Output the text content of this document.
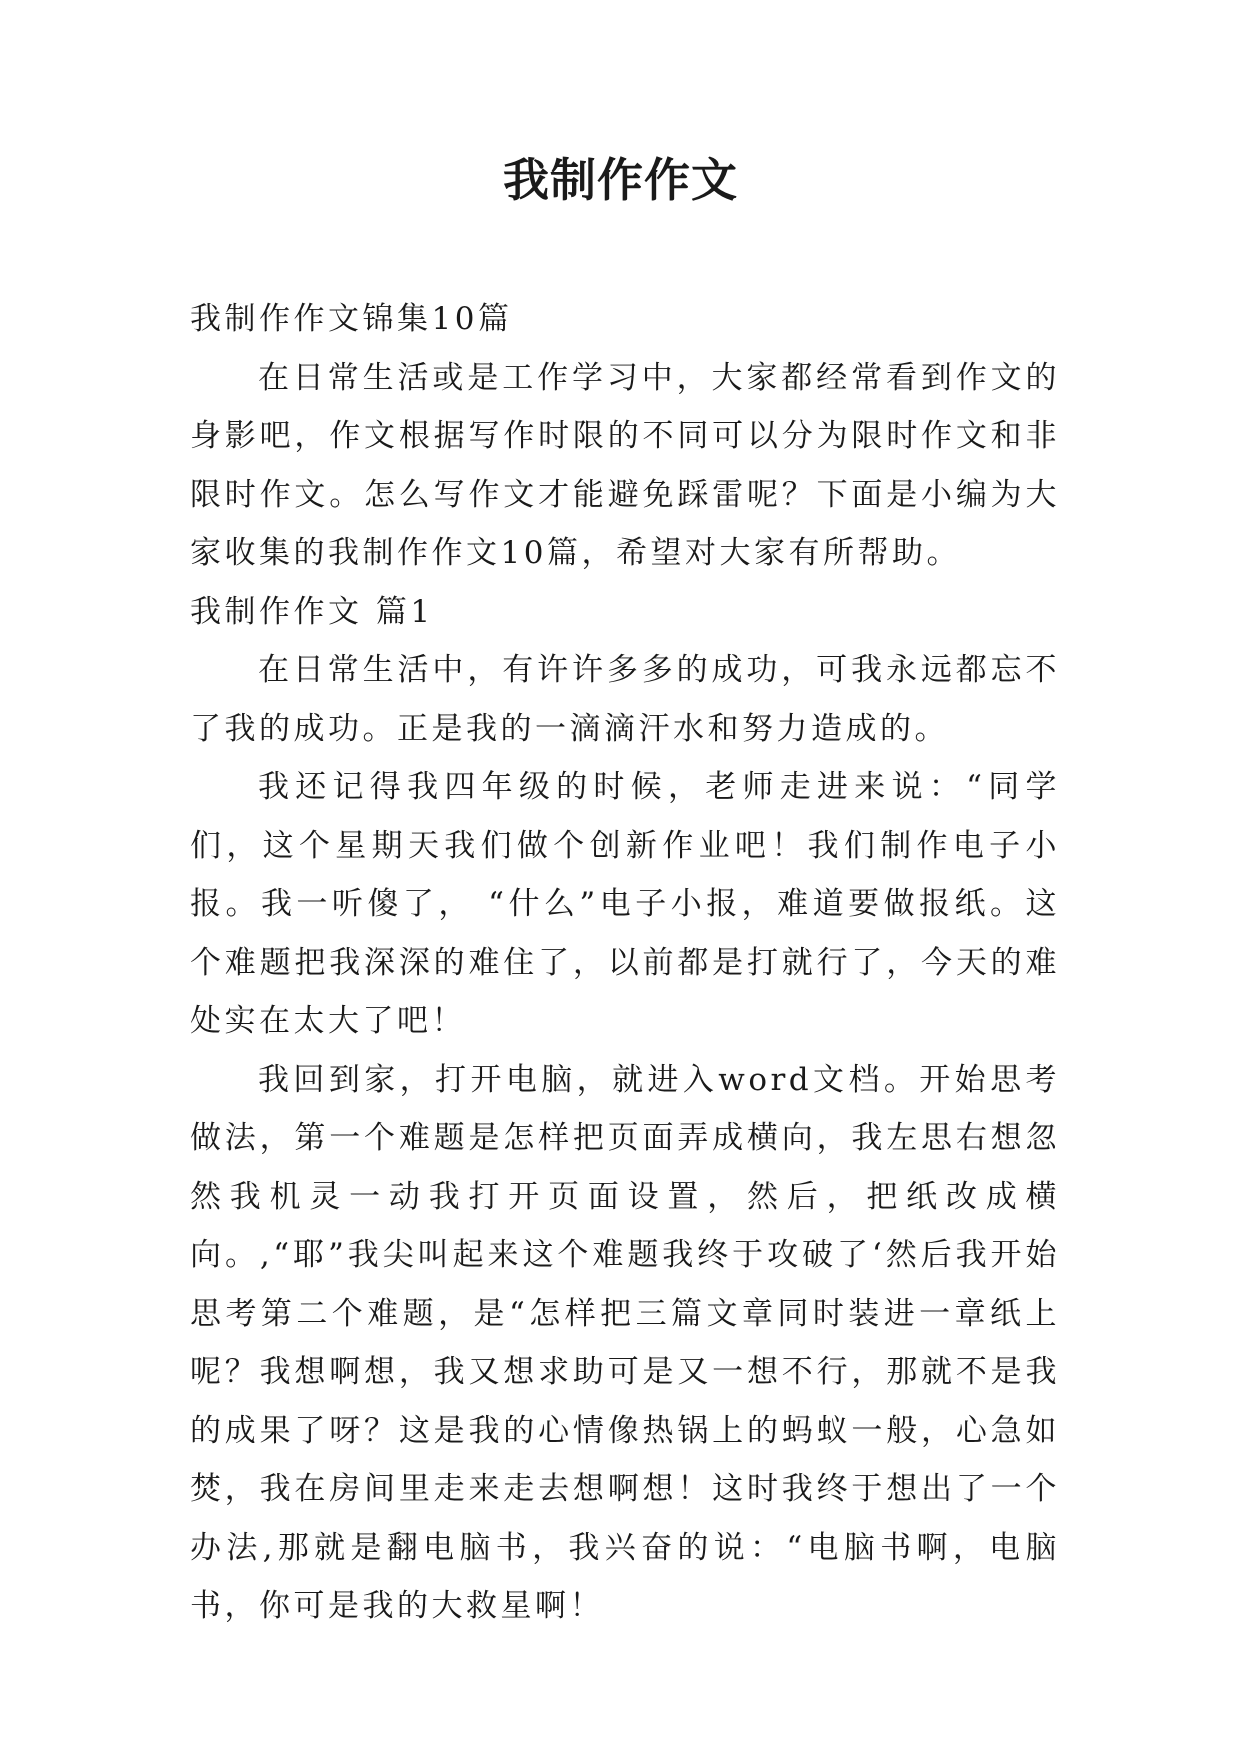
我制作作文

我制作作文锦集10篇

在日常生活或是工作学习中，大家都经常看到作文的身影吧，作文根据写作时限的不同可以分为限时作文和非限时作文。怎么写作文才能避免踩雷呢？下面是小编为大家收集的我制作作文10篇，希望对大家有所帮助。

我制作作文 篇1

在日常生活中，有许许多多的成功，可我永远都忘不了我的成功。正是我的一滴滴汗水和努力造成的。

我还记得我四年级的时候，老师走进来说：“同学们，这个星期天我们做个创新作业吧！我们制作电子小报。我一听傻了， “什么”电子小报，难道要做报纸。这个难题把我深深的难住了，以前都是打就行了，今天的难处实在太大了吧！

我回到家，打开电脑，就进入word文档。开始思考做法，第一个难题是怎样把页面弄成横向，我左思右想忽然我机灵一动我打开页面设置，然后，把纸改成横向。,“耶”我尖叫起来这个难题我终于攻破了‘然后我开始思考第二个难题，是“怎样把三篇文章同时装进一章纸上呢？我想啊想，我又想求助可是又一想不行，那就不是我的成果了呀？这是我的心情像热锅上的蚂蚁一般，心急如焚，我在房间里走来走去想啊想！这时我终于想出了一个办法,那就是翻电脑书，我兴奋的说：“电脑书啊，电脑书，你可是我的大救星啊！
